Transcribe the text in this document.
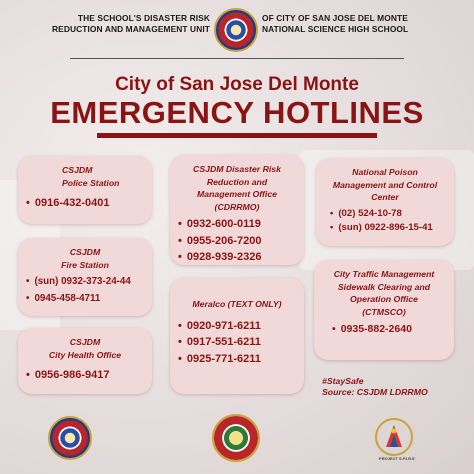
THE SCHOOL'S DISASTER RISK
REDUCTION AND MANAGEMENT UNIT
OF CITY OF SAN JOSE DEL MONTE
NATIONAL SCIENCE HIGH SCHOOL
City of San Jose Del Monte
EMERGENCY HOTLINES
CSJDM
Police Station
• 0916-432-0401
CSJDM
Fire Station
• (sun) 0932-373-24-44
• 0945-458-4711
CSJDM
City Health Office
• 0956-986-9417
CSJDM Disaster Risk
Reduction and
Management Office
(CDRRMO)
• 0932-600-0119
• 0955-206-7200
• 0928-939-2326
Meralco (TEXT ONLY)
• 0920-971-6211
• 0917-551-6211
• 0925-771-6211
National Poison
Management and Control
Center
• (02) 524-10-78
• (sun) 0922-896-15-41
City Traffic Management
Sidewalk Clearing and
Operation Office
(CTMSCO)
• 0935-882-2640
#StaySafe
Source: CSJDM LDRRMO
PROJECT S.P.I.R.E
